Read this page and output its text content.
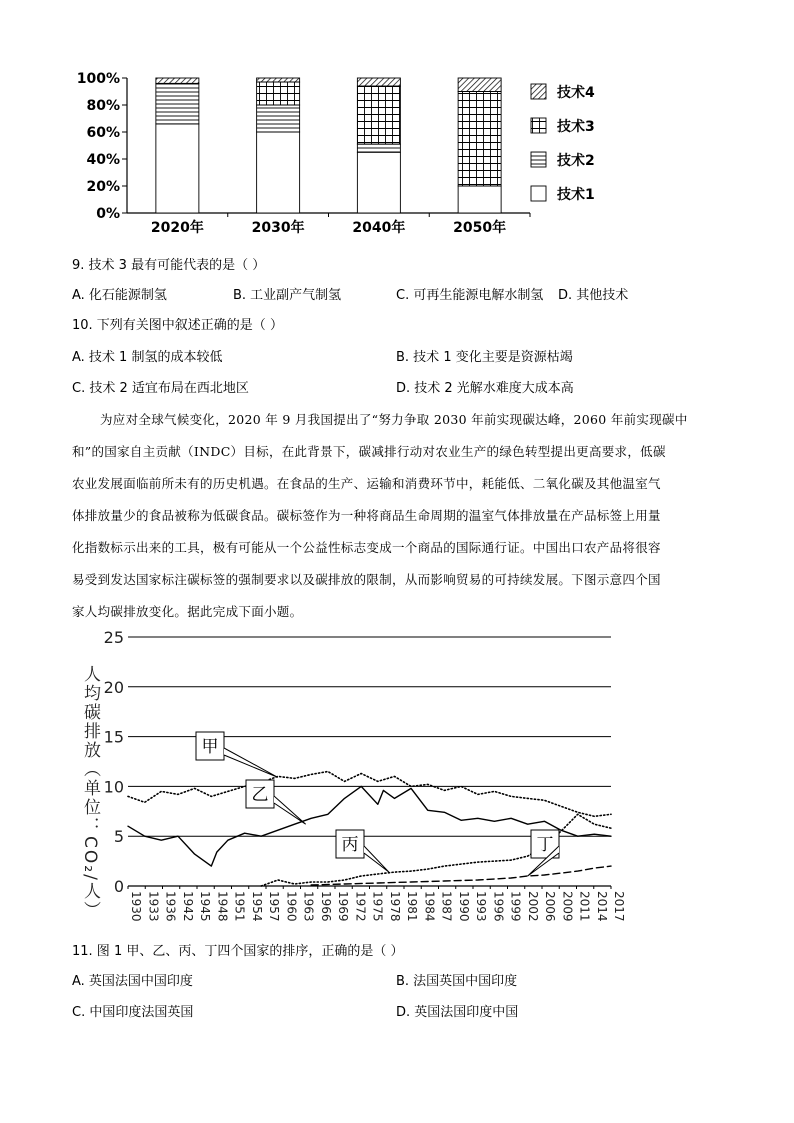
0%
20%
40%
60%
80%
100%
2020年	2030年	2040年	2050年
技术4
技术3
技术2
技术1
9. 技术 3 最有可能代表的是（ ）
A. 化石能源制氢	B. 工业副产气制氢	C. 可再生能源电解水制氢 D. 其他技术
10. 下列有关图中叙述正确的是（ ）
A. 技术 1 制氢的成本较低	B. 技术 1 变化主要是资源枯竭
C. 技术 2 适宜布局在西北地区	D. 技术 2 光解水难度大成本高
为应对全球气候变化，2020 年 9 月我国提出了“努力争取 2030 年前实现碳达峰，2060 年前实现碳中
和”的国家自主贡献（INDC）目标，在此背景下，碳减排行动对农业生产的绿色转型提出更高要求，低碳
农业发展面临前所未有的历史机遇。在食品的生产、运输和消费环节中，耗能低、二氧化碳及其他温室气
体排放量少的食品被称为低碳食品。碳标签作为一种将商品生命周期的温室气体排放量在产品标签上用量
化指数标示出来的工具，极有可能从一个公益性标志变成一个商品的国际通行证。中国出口农产品将很容
易受到发达国家标注碳标签的强制要求以及碳排放的限制，从而影响贸易的可持续发展。下图示意四个国
家人均碳排放变化。据此完成下面小题。
0
5
10
15
20
25
人均碳排放（单位：CO₂/人） 1930 1933 1936 1942 1945 1948 1951 1954 1957 1960 1963 1966 1969 1972 1975 1978 1981 1984 1987 1990 1993 1996 1999 2002 2006 2009 2011 2014 2017
甲
乙
丙	丁
11. 图 1 甲、乙、丙、丁四个国家的排序，正确的是（ ）
A. 英国法国中国印度	B. 法国英国中国印度
C. 中国印度法国英国	D. 英国法国印度中国
